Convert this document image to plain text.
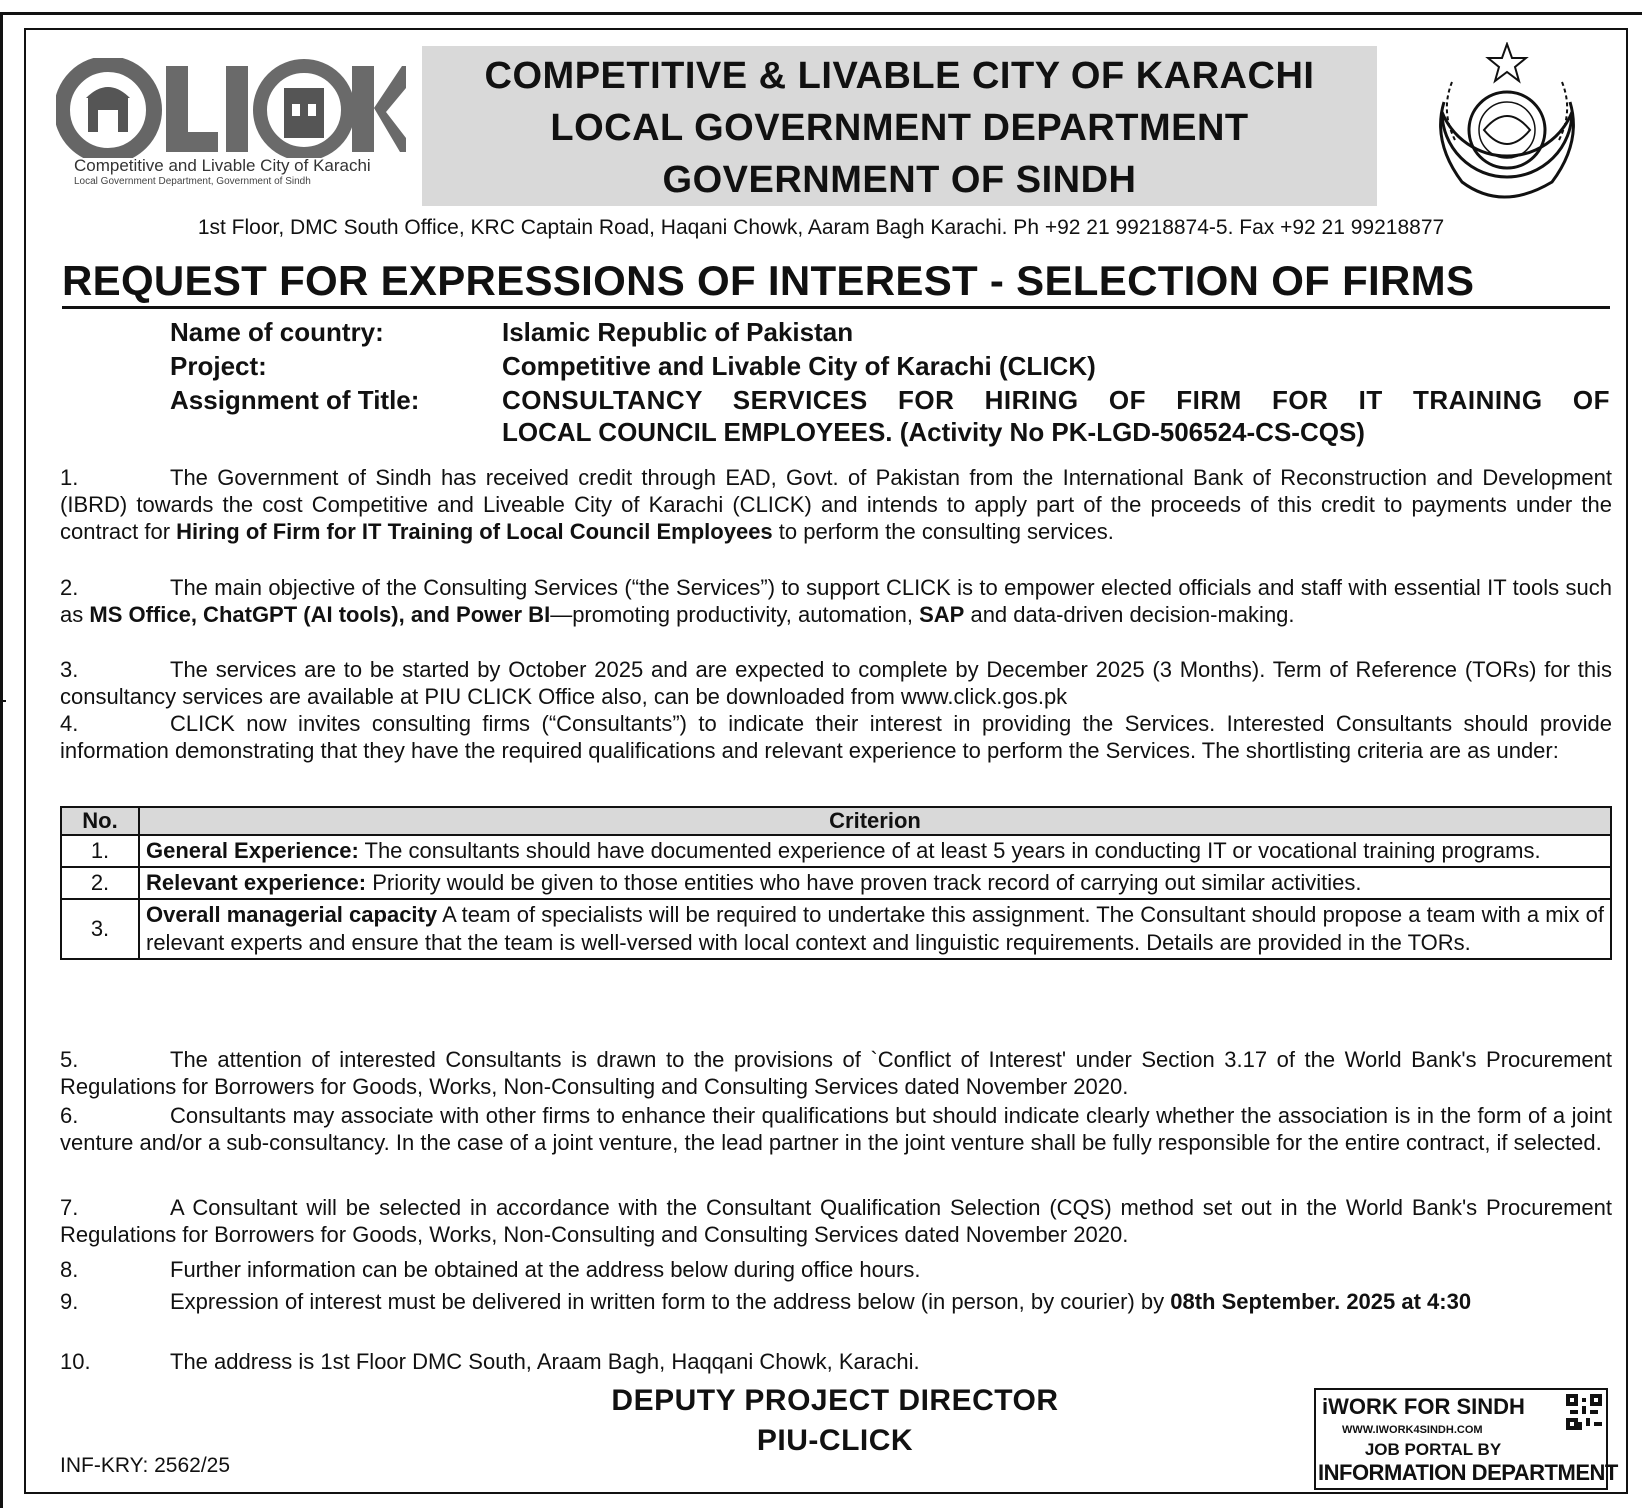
Competitive and Livable City of Karachi
Local Government Department, Government of Sindh
COMPETITIVE & LIVABLE CITY OF KARACHI
LOCAL GOVERNMENT DEPARTMENT
GOVERNMENT OF SINDH
1st Floor, DMC South Office, KRC Captain Road, Haqani Chowk, Aaram Bagh Karachi. Ph +92 21 99218874-5. Fax +92 21 99218877
REQUEST FOR EXPRESSIONS OF INTEREST - SELECTION OF FIRMS
Name of country:	Islamic Republic of Pakistan
Project:	Competitive and Livable City of Karachi (CLICK)
Assignment of Title:	CONSULTANCY SERVICES FOR HIRING OF FIRM FOR IT TRAINING OF
LOCAL COUNCIL EMPLOYEES. (Activity No PK-LGD-506524-CS-CQS)
1.	The Government of Sindh has received credit through EAD, Govt. of Pakistan from the International Bank of Reconstruction and Development (IBRD) towards the cost Competitive and Liveable City of Karachi (CLICK) and intends to apply part of the proceeds of this credit to payments under the contract for Hiring of Firm for IT Training of Local Council Employees to perform the consulting services.
2.	The main objective of the Consulting Services (“the Services”) to support CLICK is to empower elected officials and staff with essential IT tools such as MS Office, ChatGPT (AI tools), and Power BI—promoting productivity, automation, SAP and data-driven decision-making.
3.	The services are to be started by October 2025 and are expected to complete by December 2025 (3 Months). Term of Reference (TORs) for this consultancy services are available at PIU CLICK Office also, can be downloaded from www.click.gos.pk
4.	CLICK now invites consulting firms (“Consultants”) to indicate their interest in providing the Services. Interested Consultants should provide information demonstrating that they have the required qualifications and relevant experience to perform the Services. The shortlisting criteria are as under:
No.	Criterion
1.	General Experience: The consultants should have documented experience of at least 5 years in conducting IT or vocational training programs.
2.	Relevant experience: Priority would be given to those entities who have proven track record of carrying out similar activities.
3.	Overall managerial capacity A team of specialists will be required to undertake this assignment. The Consultant should propose a team with a mix of relevant experts and ensure that the team is well-versed with local context and linguistic requirements. Details are provided in the TORs.
5.	The attention of interested Consultants is drawn to the provisions of `Conflict of Interest' under Section 3.17 of the World Bank's Procurement Regulations for Borrowers for Goods, Works, Non-Consulting and Consulting Services dated November 2020.
6.	Consultants may associate with other firms to enhance their qualifications but should indicate clearly whether the association is in the form of a joint venture and/or a sub-consultancy. In the case of a joint venture, the lead partner in the joint venture shall be fully responsible for the entire contract, if selected.
7.	A Consultant will be selected in accordance with the Consultant Qualification Selection (CQS) method set out in the World Bank's Procurement Regulations for Borrowers for Goods, Works, Non-Consulting and Consulting Services dated November 2020.
8.	Further information can be obtained at the address below during office hours.
9.	Expression of interest must be delivered in written form to the address below (in person, by courier) by 08th September. 2025 at 4:30
10.	The address is 1st Floor DMC South, Araam Bagh, Haqqani Chowk, Karachi.
DEPUTY PROJECT DIRECTOR
PIU-CLICK
INF-KRY: 2562/25
iWORK FOR SINDH
WWW.IWORK4SINDH.COM
JOB PORTAL BY
INFORMATION DEPARTMENT
